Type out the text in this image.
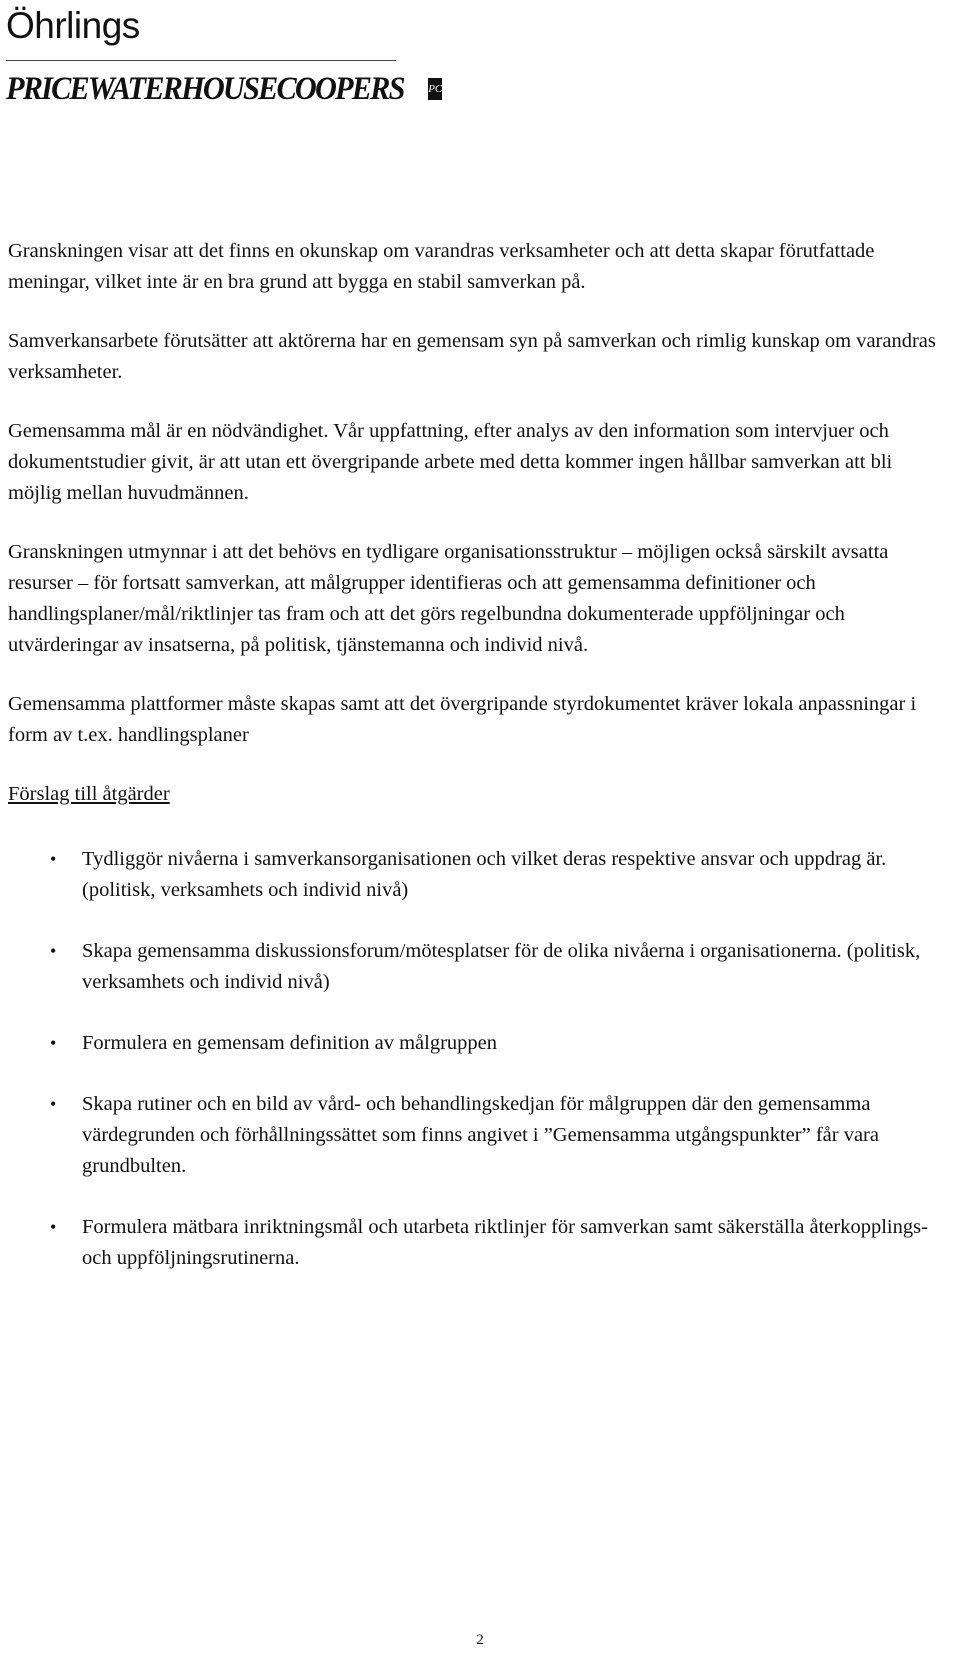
Öhrlings
PRICEWATERHOUSECOOPERS PC

Granskningen visar att det finns en okunskap om varandras verksamheter och att detta skapar förutfattade meningar, vilket inte är en bra grund att bygga en stabil samverkan på.

Samverkansarbete förutsätter att aktörerna har en gemensam syn på samverkan och rimlig kunskap om varandras verksamheter.

Gemensamma mål är en nödvändighet. Vår uppfattning, efter analys av den information som intervjuer och dokumentstudier givit, är att utan ett övergripande arbete med detta kommer ingen hållbar samverkan att bli möjlig mellan huvudmännen.

Granskningen utmynnar i att det behövs en tydligare organisationsstruktur – möjligen också särskilt avsatta resurser – för fortsatt samverkan, att målgrupper identifieras och att gemensamma definitioner och handlingsplaner/mål/riktlinjer tas fram och att det görs regelbundna dokumenterade uppföljningar och utvärderingar av insatserna, på politisk, tjänstemanna och individ nivå.

Gemensamma plattformer måste skapas samt att det övergripande styrdokumentet kräver lokala anpassningar i form av t.ex. handlingsplaner

Förslag till åtgärder
• Tydliggör nivåerna i samverkansorganisationen och vilket deras respektive ansvar och uppdrag är. (politisk, verksamhets och individ nivå)
• Skapa gemensamma diskussionsforum/mötesplatser för de olika nivåerna i organisationerna. (politisk, verksamhets och individ nivå)
• Formulera en gemensam definition av målgruppen
• Skapa rutiner och en bild av vård- och behandlingskedjan för målgruppen där den gemensamma värdegrunden och förhållningssättet som finns angivet i ”Gemensamma utgångspunkter” får vara grundbulten.
• Formulera mätbara inriktningsmål och utarbeta riktlinjer för samverkan samt säkerställa återkopplings- och uppföljningsrutinerna.
2
